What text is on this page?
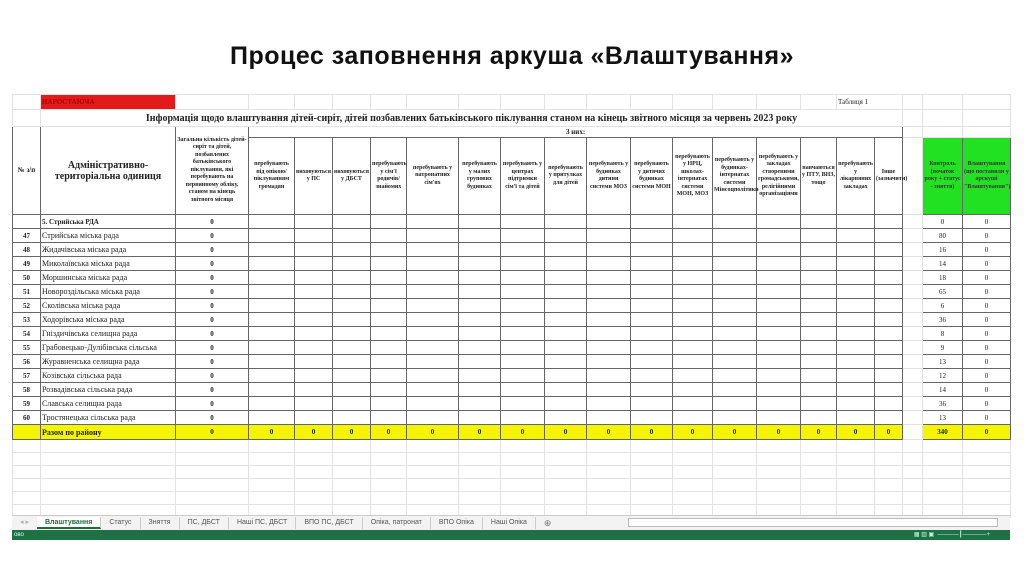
Процес заповнення аркуша «Влаштування»
	НАРОСТАЮЧА																Таблиця 1				
	Інформація щодо влаштування дітей-сиріт, дітей позбавлених батьківського піклування станом на кінець звітного місяця за червень 2023 року																				
№ з/п	Адміністративно-територіальна одиниця	Загальна кількість дітей-сиріт та дітей, позбавлених батьківського піклування, які перебувають на первинному обліку, станом на кінець звітного місяця	З них:																		
			перебувають під опікою/ піклуванням громадян	виховуються у ПС	виховуються у ДБСТ	перебувають у сім'ї родичів/ знайомих	перебувають у патронатних сім'ях	перебувають у малих групових будинках	перебувають у центрах підтримки сім'ї та дітей	перебувають у притулках для дітей	перебувають у будинках дитини системи МОЗ	перебувають у дитячих будинках системи МОН	перебувають у НРЦ, школах-інтернатах системи МОН, МОЗ	перебувають у будинках-інтернатах системи Мінсоцполітики	перебувають у закладах створеними громадськими, релігійними організаціями	навчаються у ПТУ, ВНЗ, тощо	перебувають у лікарняних закладах	Інше (зазначити)		Контроль (початок року + статус - зняття)	Влаштування (що поставили у арскуші "Влаштування")
	5. Стрийська РДА	0																		0	0
47	Стрийська міська рада	0																		80	0
48	Жидачівська міська рада	0																		16	0
49	Миколаївська міська рада	0																		14	0
50	Моршинська міська рада	0																		18	0
51	Новороздільська міська рада	0																		65	0
52	Сколівська міська рада	0																		6	0
53	Ходорівська міська рада	0																		36	0
54	Гніздичівська селищна рада	0																		8	0
55	Грабовецько-Дулібівська сільська	0																		9	0
56	Журавненська селищна рада	0																		13	0
57	Козівська сільська рада	0																		12	0
58	Розвадівська сільська рада	0																		14	0
59	Славська селищна рада	0																		36	0
60	Тростянецька сільська рада	0																		13	0
	Разом по району	0	0	0	0	0	0	0	0	0	0	0	0	0	0	0	0	0		340	0

◂ ▸	Влаштування	Статус	Зняття	ПС, ДБСТ	Наші ПС, ДБСТ	ВПО ПС, ДБСТ	Опіка, патронат	ВПО Опіка	Наші Опіка	⊕
ово	▦ ▥ ▣  –———┃————+
